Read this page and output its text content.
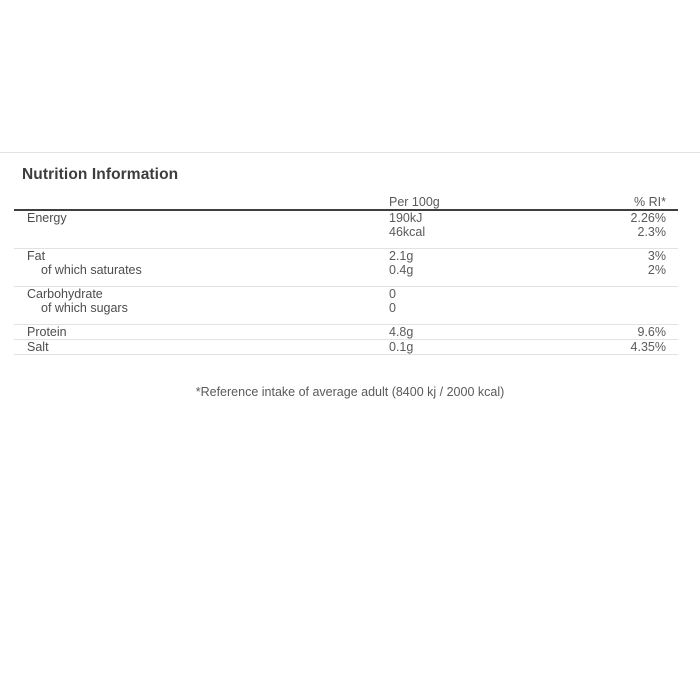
Nutrition Information
	Per 100g	% RI*
Energy	190kJ	2.26%
	46kcal	2.3%
Fat	2.1g	3%
of which saturates	0.4g	2%
Carbohydrate	0	
of which sugars	0	
Protein	4.8g	9.6%
Salt	0.1g	4.35%
*Reference intake of average adult (8400 kj / 2000 kcal)
